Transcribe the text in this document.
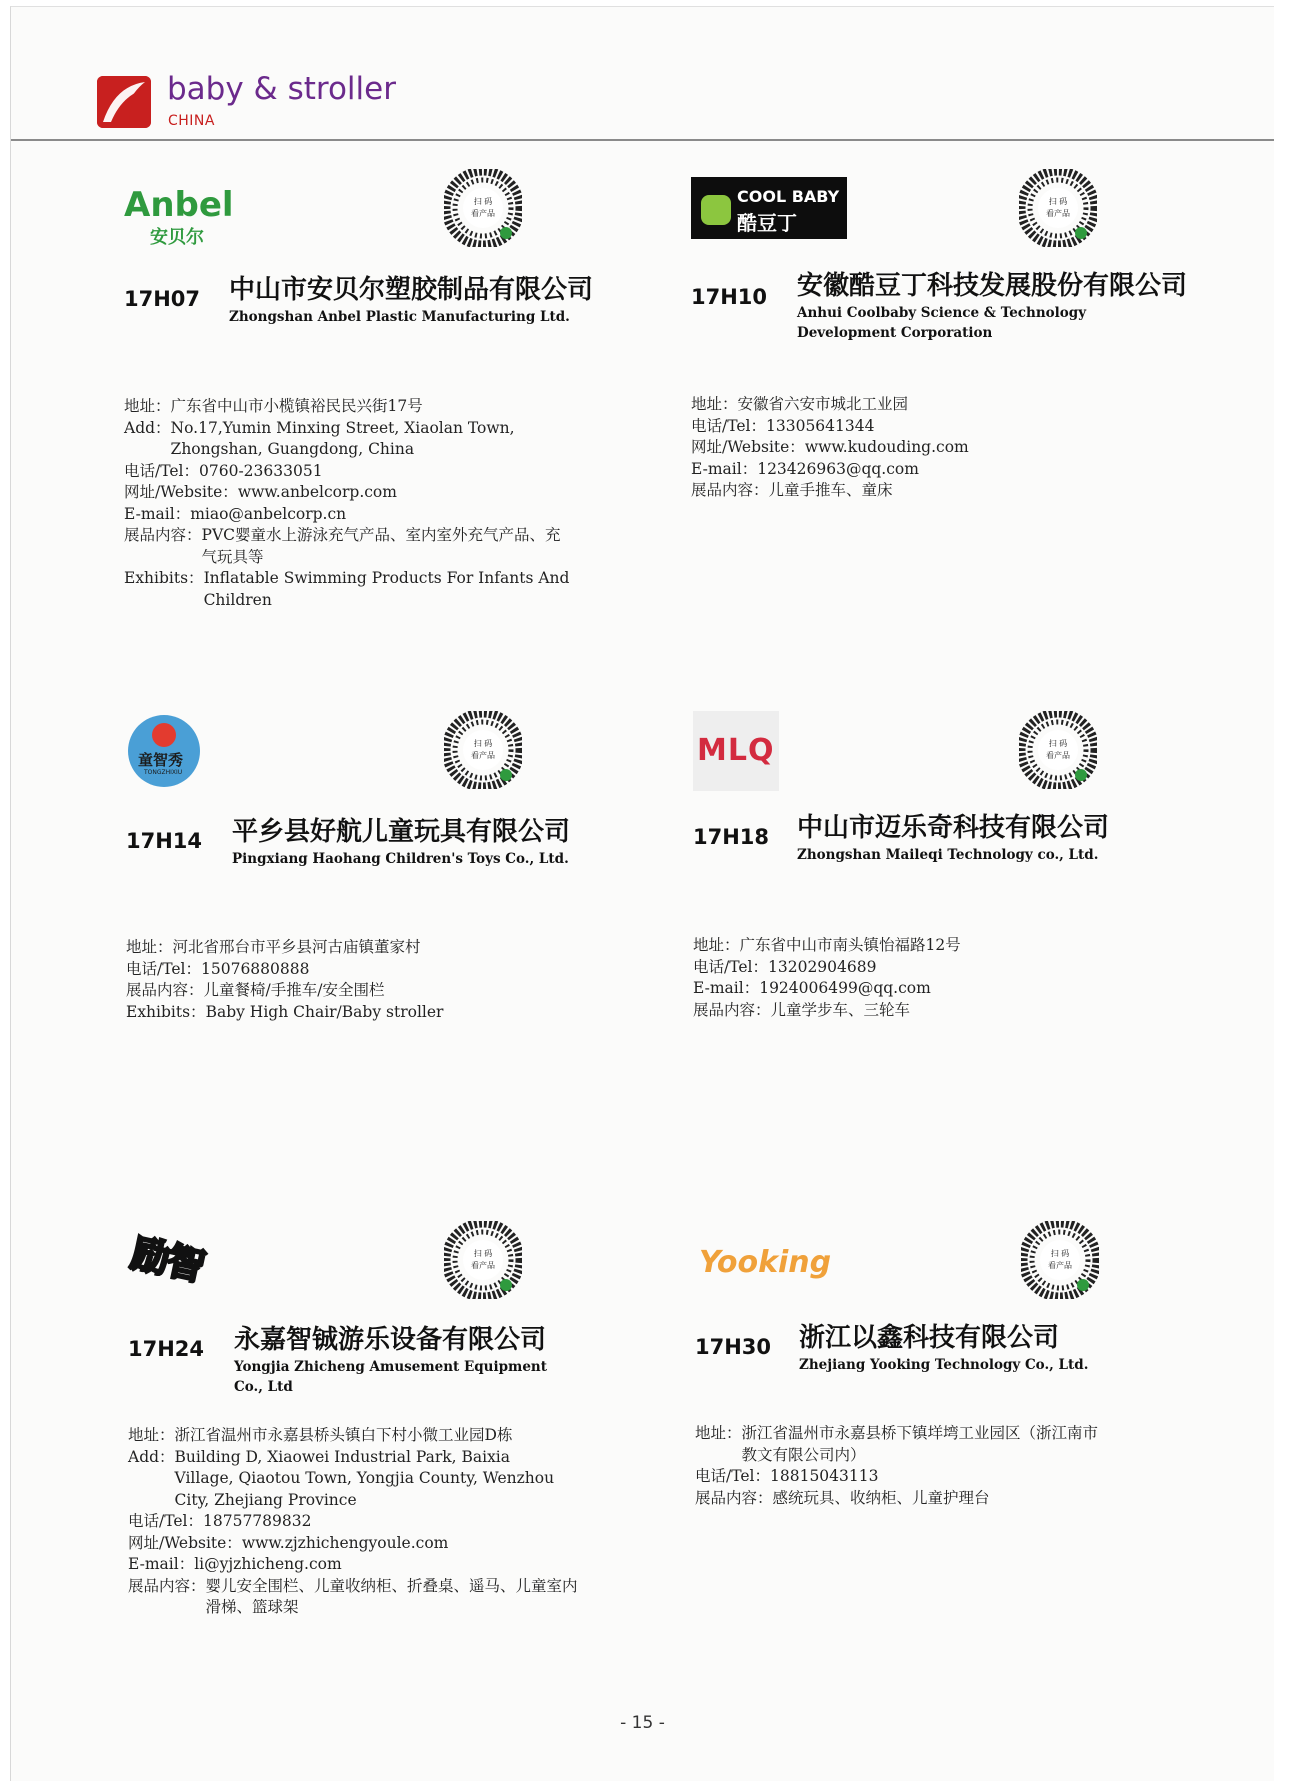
baby & stroller
CHINA
Anbel
安贝尔
扫 码
看产品
17H07 中山市安贝尔塑胶制品有限公司
Zhongshan Anbel Plastic Manufacturing Ltd.
地址： 广东省中山市小榄镇裕民民兴街17号
Add： No.17,Yumin Minxing Street, Xiaolan Town, Zhongshan, Guangdong, China
电话/Tel： 0760-23633051
网址/Website： www.anbelcorp.com
E-mail： miao@anbelcorp.cn
展品内容： PVC婴童水上游泳充气产品、室内室外充气产品、充气玩具等
Exhibits： Inflatable Swimming Products For Infants And Children
COOL BABY
酷豆丁
扫 码
看产品
17H10 安徽酷豆丁科技发展股份有限公司
Anhui Coolbaby Science & Technology Development Corporation
地址： 安徽省六安市城北工业园
电话/Tel： 13305641344
网址/Website： www.kudouding.com
E-mail： 123426963@qq.com
展品内容： 儿童手推车、童床
童智秀
TONGZHIXIU
扫 码
看产品
17H14 平乡县好航儿童玩具有限公司
Pingxiang Haohang Children's Toys Co., Ltd.
地址： 河北省邢台市平乡县河古庙镇董家村
电话/Tel： 15076880888
展品内容： 儿童餐椅/手推车/安全围栏
Exhibits： Baby High Chair/Baby stroller
MLQ	扫 码
看产品
17H18 中山市迈乐奇科技有限公司
Zhongshan Maileqi Technology co., Ltd.
地址： 广东省中山市南头镇怡福路12号
电话/Tel： 13202904689
E-mail： 1924006499@qq.com
展品内容： 儿童学步车、三轮车
励智	扫 码
看产品
17H24 永嘉智铖游乐设备有限公司
Yongjia Zhicheng Amusement Equipment Co., Ltd
地址： 浙江省温州市永嘉县桥头镇白下村小微工业园D栋
Add： Building D, Xiaowei Industrial Park, Baixia Village, Qiaotou Town, Yongjia County, Wenzhou City, Zhejiang Province
电话/Tel： 18757789832
网址/Website： www.zjzhichengyoule.com
E-mail： li@yjzhicheng.com
展品内容： 婴儿安全围栏、儿童收纳柜、折叠桌、遥马、儿童室内滑梯、篮球架
Yooking	扫 码
看产品
17H30 浙江以鑫科技有限公司
Zhejiang Yooking Technology Co., Ltd.
地址： 浙江省温州市永嘉县桥下镇垟塆工业园区（浙江南市教文有限公司内）
电话/Tel： 18815043113
展品内容： 感统玩具、收纳柜、儿童护理台
- 15 -
